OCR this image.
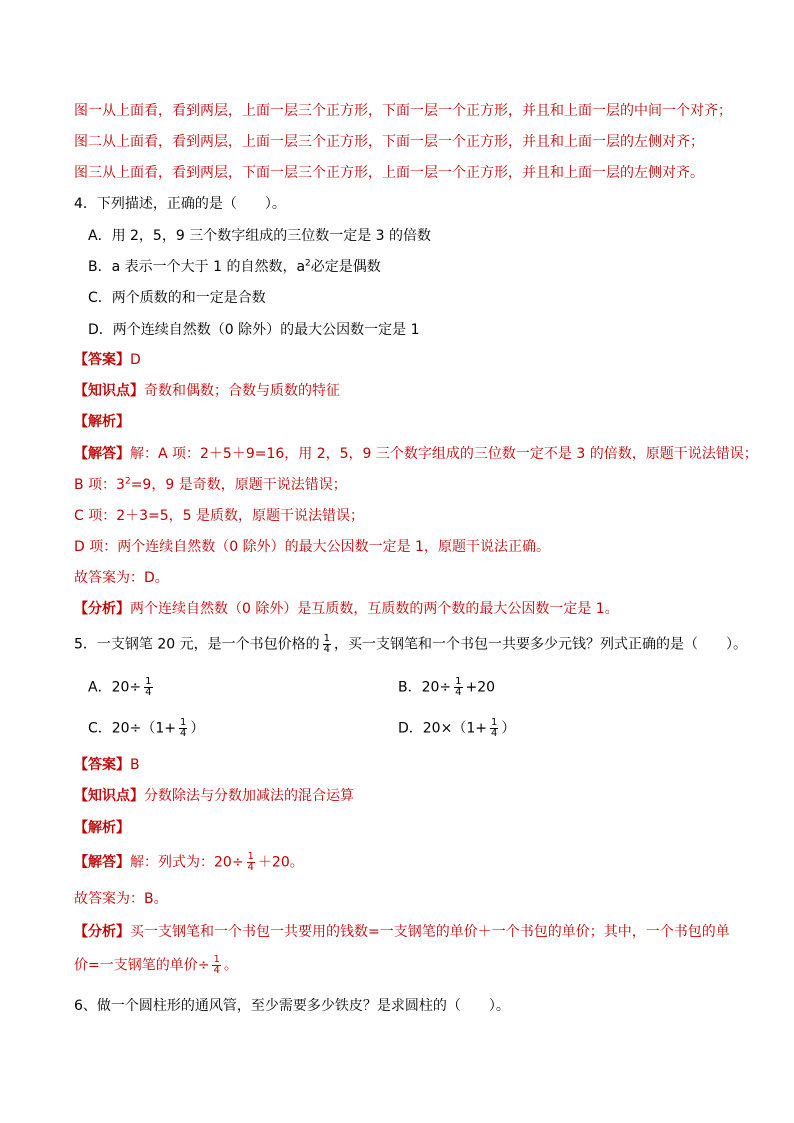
图一从上面看，看到两层，上面一层三个正方形，下面一层一个正方形，并且和上面一层的中间一个对齐；
图二从上面看，看到两层，上面一层三个正方形，下面一层一个正方形，并且和上面一层的左侧对齐；
图三从上面看，看到两层，下面一层三个正方形，上面一层一个正方形，并且和上面一层的左侧对齐。
4．下列描述，正确的是（　　）。
A．用 2，5，9 三个数字组成的三位数一定是 3 的倍数
B．a 表示一个大于 1 的自然数，$a^2$必定是偶数
C．两个质数的和一定是合数
D．两个连续自然数（0 除外）的最大公因数一定是 1
【答案】D
【知识点】奇数和偶数；合数与质数的特征
【解析】
【解答】解：A 项：2＋5＋9=16，用 2，5，9 三个数字组成的三位数一定不是 3 的倍数，原题干说法错误；
B 项：$3^2=9$，9 是奇数，原题干说法错误；
C 项：2＋3=5，5 是质数，原题干说法错误；
D 项：两个连续自然数（0 除外）的最大公因数一定是 1，原题干说法正确。
故答案为：D。
【分析】两个连续自然数（0 除外）是互质数，互质数的两个数的最大公因数一定是 1。
5．一支钢笔 20 元，是一个书包价格的 $\frac{1}{4}$ ，买一支钢笔和一个书包一共要多少元钱？列式正确的是（　　）。
A．$20\div \frac{1}{4}$	B．$20\div \frac{1}{4} +20$
C．$20\div(1+ \frac{1}{4}$ ）	D．$20\times(1+ \frac{1}{4}$ ）
【答案】B
【知识点】分数除法与分数加减法的混合运算
【解析】
【解答】解：列式为：$20\div \frac{1}{4} +20$。
故答案为：B。
【分析】买一支钢笔和一个书包一共要用的钱数=一支钢笔的单价＋一个书包的单价；其中，一个书包的单
价=一支钢笔的单价÷ $\frac{1}{4}$ 。
6、做一个圆柱形的通风管，至少需要多少铁皮？是求圆柱的（　　）。
